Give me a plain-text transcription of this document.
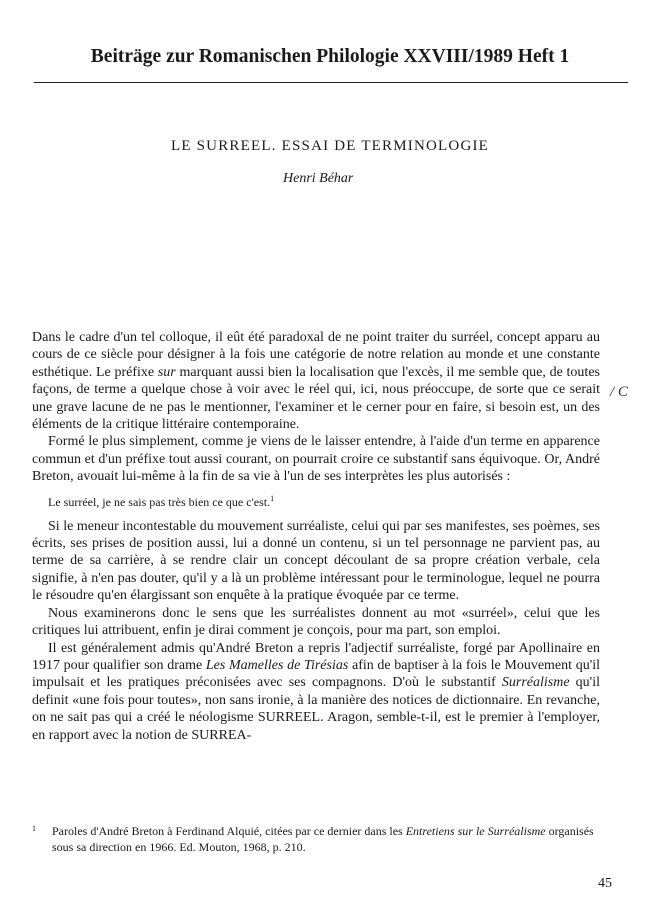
Beiträge zur Romanischen Philologie XXVIII/1989 Heft 1
LE SURREEL. ESSAI DE TERMINOLOGIE
Henri Béhar

Dans le cadre d'un tel colloque, il eût été paradoxal de ne point traiter du surréel, concept apparu au cours de ce siècle pour désigner à la fois une catégorie de notre relation au monde et une constante esthétique. Le préfixe sur marquant aussi bien la localisation que l'excès, il me semble que, de toutes façons, de terme a quelque chose à voir avec le réel qui, ici, nous préoccupe, de sorte que ce serait une grave lacune de ne pas le mentionner, l'examiner et le cerner pour en faire, si besoin est, un des éléments de la critique littéraire contemporaine.

Formé le plus simplement, comme je viens de le laisser entendre, à l'aide d'un terme en apparence commun et d'un préfixe tout aussi courant, on pourrait croire ce substantif sans équivoque. Or, André Breton, avouait lui-même à la fin de sa vie à l'un de ses interprètes les plus autorisés :

Le surréel, je ne sais pas très bien ce que c'est.$^1$

Si le meneur incontestable du mouvement surréaliste, celui qui par ses manifestes, ses poèmes, ses écrits, ses prises de position aussi, lui a donné un contenu, si un tel personnage ne parvient pas, au terme de sa carrière, à se rendre clair un concept découlant de sa propre création verbale, cela signifie, à n'en pas douter, qu'il y a là un problème intéressant pour le terminologue, lequel ne pourra le résoudre qu'en élargissant son enquête à la pratique évoquée par ce terme.

Nous examinerons donc le sens que les surréalistes donnent au mot «surréel», celui que les critiques lui attribuent, enfin je dirai comment je conçois, pour ma part, son emploi.

Il est généralement admis qu'André Breton a repris l'adjectif surréaliste, forgé par Apollinaire en 1917 pour qualifier son drame Les Mamelles de Tirésias afin de baptiser à la fois le Mouvement qu'il impulsait et les pratiques préconisées avec ses compagnons. D'où le substantif Surréalisme qu'il definit «une fois pour toutes», non sans ironie, à la manière des notices de dictionnaire. En revanche, on ne sait pas qui a créé le néologisme SURREEL. Aragon, semble-t-il, est le premier à l'employer, en rapport avec la notion de SURREA-

/ C
1 Paroles d'André Breton à Ferdinand Alquié, citées par ce dernier dans les Entretiens sur le Surréalisme organisés sous sa direction en 1966. Ed. Mouton, 1968, p. 210.
45
